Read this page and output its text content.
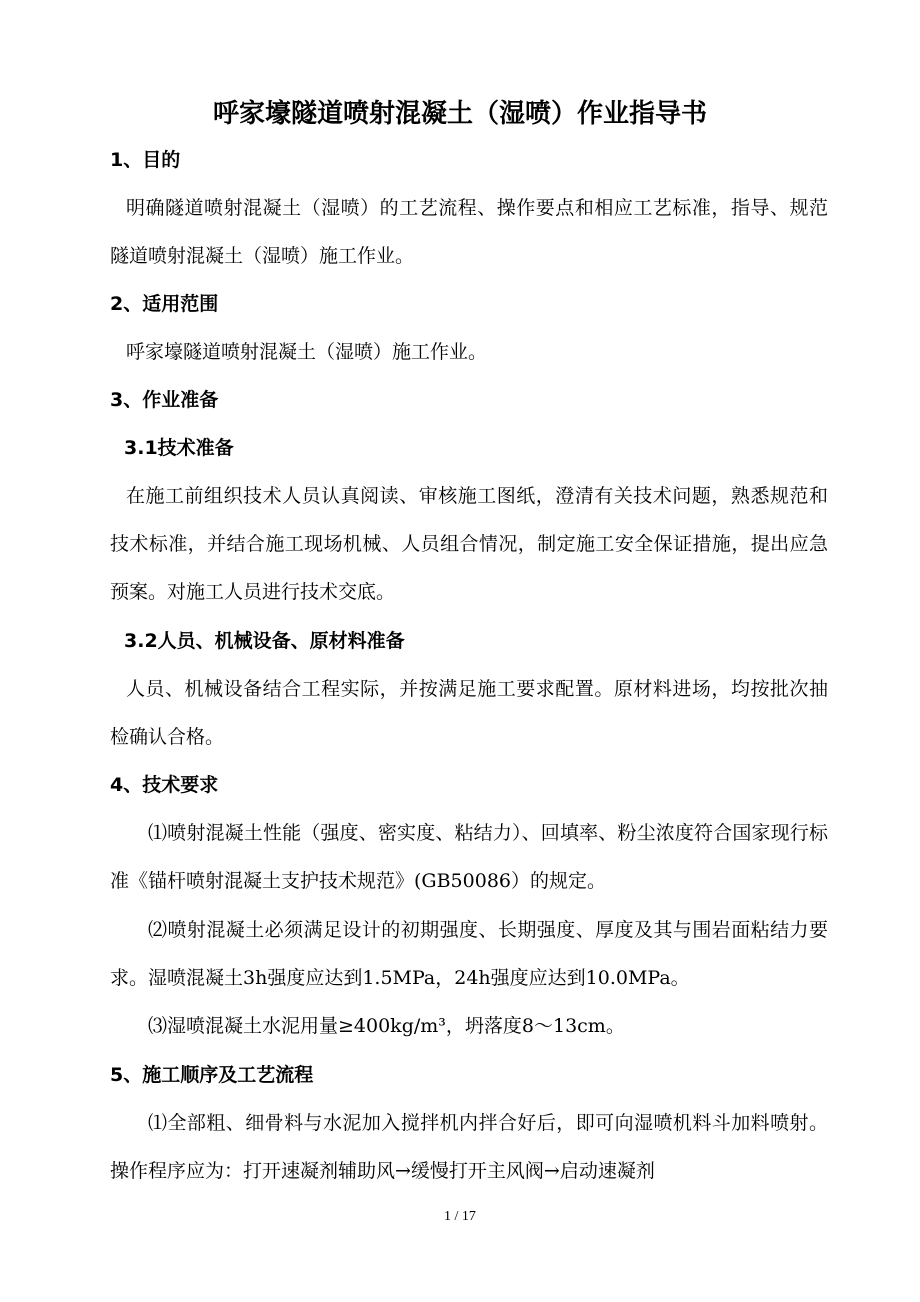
呼家壕隧道喷射混凝土（湿喷）作业指导书
1、目的

明确隧道喷射混凝土（湿喷）的工艺流程、操作要点和相应工艺标准，指导、规范隧道喷射混凝土（湿喷）施工作业。

2、适用范围

呼家壕隧道喷射混凝土（湿喷）施工作业。

3、作业准备
3.1技术准备

在施工前组织技术人员认真阅读、审核施工图纸，澄清有关技术问题，熟悉规范和技术标准，并结合施工现场机械、人员组合情况，制定施工安全保证措施，提出应急预案。对施工人员进行技术交底。

3.2人员、机械设备、原材料准备

人员、机械设备结合工程实际，并按满足施工要求配置。原材料进场，均按批次抽检确认合格。

4、技术要求

⑴喷射混凝土性能（强度、密实度、粘结力）、回填率、粉尘浓度符合国家现行标准《锚杆喷射混凝土支护技术规范》(GB50086）的规定。

⑵喷射混凝土必须满足设计的初期强度、长期强度、厚度及其与围岩面粘结力要求。湿喷混凝土3h强度应达到1.5MPa，24h强度应达到10.0MPa。

⑶湿喷混凝土水泥用量≥400kg/m³，坍落度8～13cm。

5、施工顺序及工艺流程

⑴全部粗、细骨料与水泥加入搅拌机内拌合好后，即可向湿喷机料斗加料喷射。操作程序应为：打开速凝剂辅助风→缓慢打开主风阀→启动速凝剂

1 / 17
